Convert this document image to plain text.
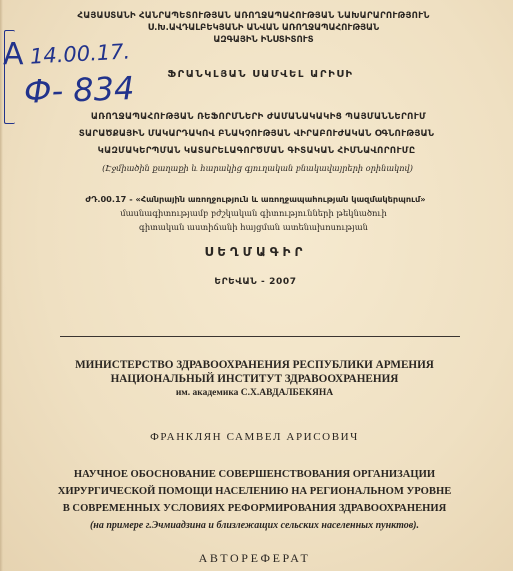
A 14.00.17.
Ф- 834
ՀԱՅԱՍՏԱՆԻ ՀԱՆՐԱՊԵՏՈՒԹՅԱՆ ԱՌՈՂՋԱՊԱՀՈՒԹՅԱՆ ՆԱԽԱՐԱՐՈՒԹՅՈՒՆ
Ս.Խ.ԱՎԴԱԼԲԵԿՅԱՆԻ ԱՆՎԱՆ ԱՌՈՂՋԱՊԱՀՈՒԹՅԱՆ
ԱԶԳԱՅԻՆ ԻՆՍՏԻՏՈՒՏ
ՖՐԱՆԿԼՅԱՆ ՍԱՄՎԵԼ ԱՐԻՍԻ
ԱՌՈՂՋԱՊԱՀՈՒԹՅԱՆ ՌԵՖՈՐՄՆԵՐԻ ԺԱՄԱՆԱԿԱԿԻՑ ՊԱՅՄԱՆՆԵՐՈՒՄ
ՏԱՐԱԾՔԱՅԻՆ ՄԱԿԱՐԴԱԿՈՎ ԲՆԱԿՉՈՒԹՅԱՆ ՎԻՐԱԲՈՒԺԱԿԱՆ ՕԳՆՈՒԹՅԱՆ
ԿԱԶՄԱԿԵՐՊՄԱՆ ԿԱՏԱՐԵԼԱԳՈՐԾՄԱՆ ԳԻՏԱԿԱՆ ՀԻՄՆԱՎՈՐՈՒՄԸ
(Էջմիածին քաղաքի և հարակից գյուղական բնակավայրերի օրինակով)
ԺԴ.00.17 - «Հանրային առողջություն և առողջապահության կազմակերպում»
մասնագիտությամբ բժշկական գիտությունների թեկնածուի
գիտական աստիճանի հայցման ատենախոսության
ՍԵՂՄԱԳԻՐ
ԵՐԵՎԱՆ - 2007
МИНИСТЕРСТВО ЗДРАВООХРАНЕНИЯ РЕСПУБЛИКИ АРМЕНИЯ
НАЦИОНАЛЬНЫЙ ИНСТИТУТ ЗДРАВООХРАНЕНИЯ
им. академика С.Х.АВДАЛБЕКЯНА
ФРАНКЛЯН САМВЕЛ АРИСОВИЧ
НАУЧНОЕ ОБОСНОВАНИЕ СОВЕРШЕНСТВОВАНИЯ ОРГАНИЗАЦИИ
ХИРУРГИЧЕСКОЙ ПОМОЩИ НАСЕЛЕНИЮ НА РЕГИОНАЛЬНОМ УРОВНЕ
В СОВРЕМЕННЫХ УСЛОВИЯХ РЕФОРМИРОВАНИЯ ЗДРАВООХРАНЕНИЯ
(на примере г.Эчмиадзина и близлежащих сельских населенных пунктов).
АВТОРЕФЕРАТ
